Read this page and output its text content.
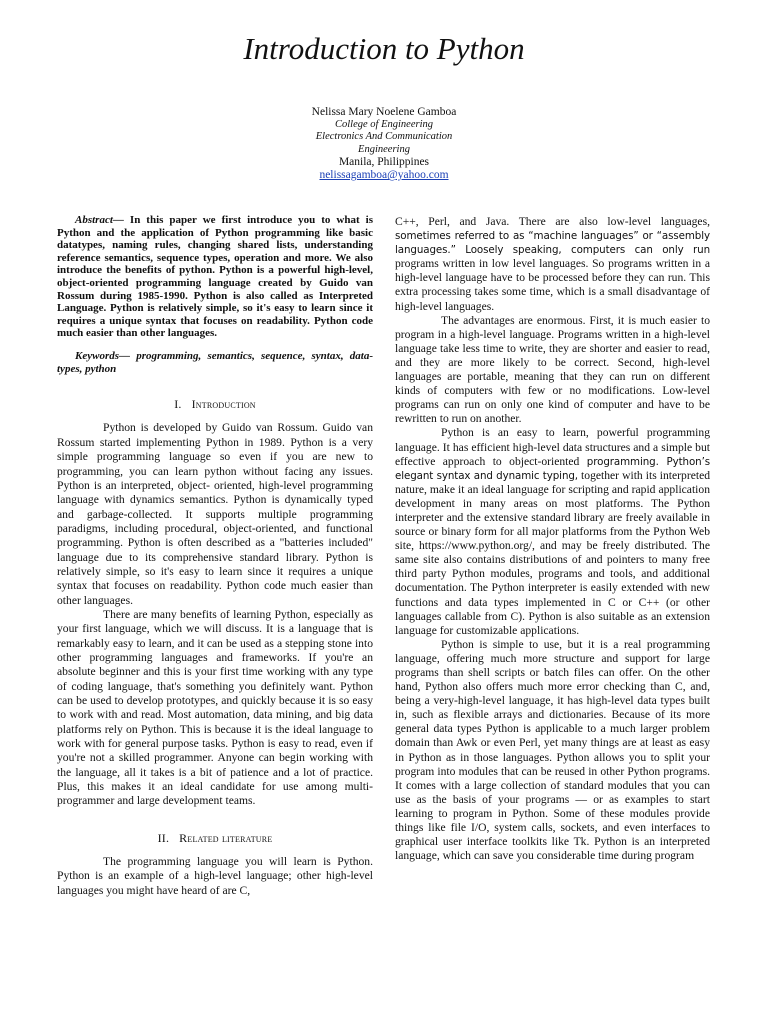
Introduction to Python
Nelissa Mary Noelene Gamboa
College of Engineering
Electronics And Communication
Engineering
Manila, Philippines
nelissagamboa@yahoo.com

Abstract— In this paper we first introduce you to what is Python and the application of Python programming like basic datatypes, naming rules, changing shared lists, understanding reference semantics, sequence types, operation and more. We also introduce the benefits of python. Python is a powerful high-level, object-oriented programming language created by Guido van Rossum during 1985-1990. Python is also called as Interpreted Language. Python is relatively simple, so it's easy to learn since it requires a unique syntax that focuses on readability. Python code much easier than other languages.

Keywords— programming, semantics, sequence, syntax, data-types, python

I. Introduction

Python is developed by Guido van Rossum. Guido van Rossum started implementing Python in 1989. Python is a very simple programming language so even if you are new to programming, you can learn python without facing any issues. Python is an interpreted, object- oriented, high-level programming language with dynamics semantics. Python is dynamically typed and garbage-collected. It supports multiple programming paradigms, including procedural, object-oriented, and functional programming. Python is often described as a "batteries included" language due to its comprehensive standard library. Python is relatively simple, so it's easy to learn since it requires a unique syntax that focuses on readability. Python code much easier than other languages.

There are many benefits of learning Python, especially as your first language, which we will discuss. It is a language that is remarkably easy to learn, and it can be used as a stepping stone into other programming languages and frameworks. If you're an absolute beginner and this is your first time working with any type of coding language, that's something you definitely want. Python can be used to develop prototypes, and quickly because it is so easy to work with and read. Most automation, data mining, and big data platforms rely on Python. This is because it is the ideal language to work with for general purpose tasks. Python is easy to read, even if you're not a skilled programmer. Anyone can begin working with the language, all it takes is a bit of patience and a lot of practice. Plus, this makes it an ideal candidate for use among multi-programmer and large development teams.

II. Related literature

The programming language you will learn is Python. Python is an example of a high-level language; other high-level languages you might have heard of are C,

C++, Perl, and Java. There are also low-level languages, sometimes referred to as “machine languages” or “assembly languages.” Loosely speaking, computers can only run programs written in low level languages. So programs written in a high-level language have to be processed before they can run. This extra processing takes some time, which is a small disadvantage of high-level languages.

The advantages are enormous. First, it is much easier to program in a high-level language. Programs written in a high-level language take less time to write, they are shorter and easier to read, and they are more likely to be correct. Second, high-level languages are portable, meaning that they can run on different kinds of computers with few or no modifications. Low-level programs can run on only one kind of computer and have to be rewritten to run on another.

Python is an easy to learn, powerful programming language. It has efficient high-level data structures and a simple but effective approach to object-oriented programming. Python’s elegant syntax and dynamic typing, together with its interpreted nature, make it an ideal language for scripting and rapid application development in many areas on most platforms. The Python interpreter and the extensive standard library are freely available in source or binary form for all major platforms from the Python Web site, https://www.python.org/, and may be freely distributed. The same site also contains distributions of and pointers to many free third party Python modules, programs and tools, and additional documentation. The Python interpreter is easily extended with new functions and data types implemented in C or C++ (or other languages callable from C). Python is also suitable as an extension language for customizable applications.

Python is simple to use, but it is a real programming language, offering much more structure and support for large programs than shell scripts or batch files can offer. On the other hand, Python also offers much more error checking than C, and, being a very-high-level language, it has high-level data types built in, such as flexible arrays and dictionaries. Because of its more general data types Python is applicable to a much larger problem domain than Awk or even Perl, yet many things are at least as easy in Python as in those languages. Python allows you to split your program into modules that can be reused in other Python programs. It comes with a large collection of standard modules that you can use as the basis of your programs — or as examples to start learning to program in Python. Some of these modules provide things like file I/O, system calls, sockets, and even interfaces to graphical user interface toolkits like Tk. Python is an interpreted language, which can save you considerable time during program
